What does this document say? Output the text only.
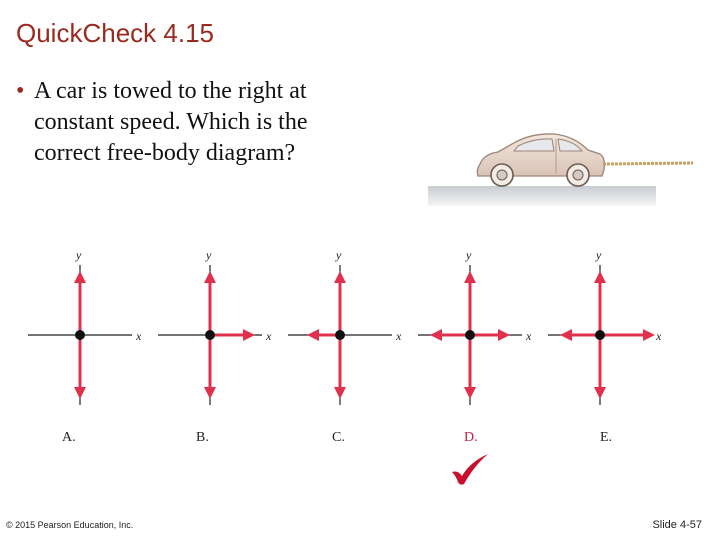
QuickCheck 4.15
• A car is towed to the right at constant speed. Which is the correct free-body diagram?
x
y
x
y
x
y
x
y
x
y
A.	B.	C.	D.	E.
© 2015 Pearson Education, Inc.	Slide 4-57
